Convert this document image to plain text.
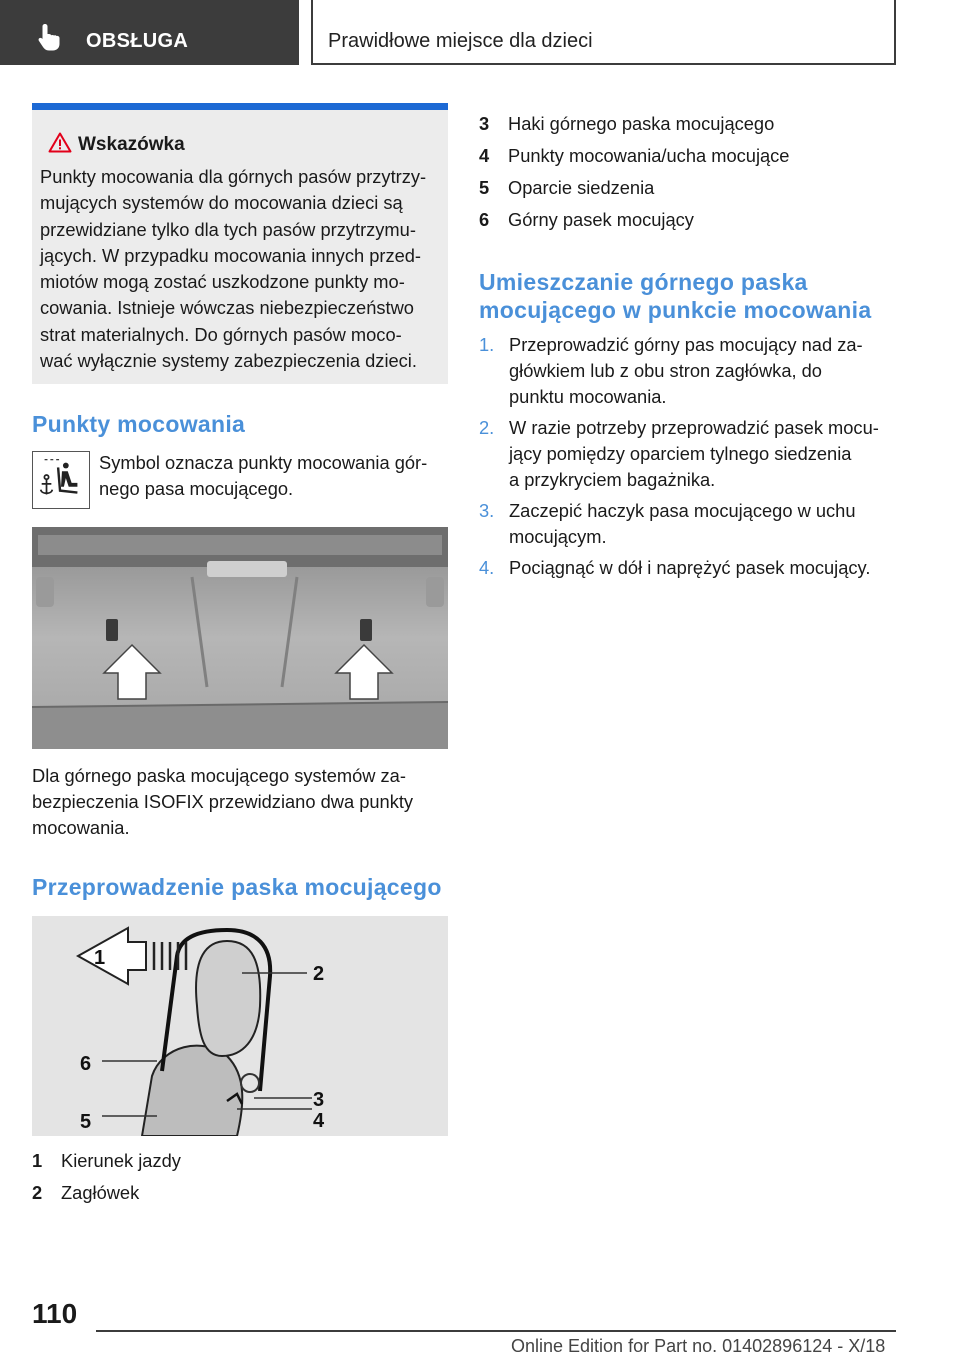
OBSŁUGA	Prawidłowe miejsce dla dzieci
Wskazówka
Punkty mocowania dla górnych pasów przytrzy-
mujących systemów do mocowania dzieci są
przewidziane tylko dla tych pasów przytrzymu-
jących. W przypadku mocowania innych przed-
miotów mogą zostać uszkodzone punkty mo-
cowania. Istnieje wówczas niebezpieczeństwo
strat materialnych. Do górnych pasów moco-
wać wyłącznie systemy zabezpieczenia dzieci.
Punkty mocowania
Symbol oznacza punkty mocowania gór-
nego pasa mocującego.
Dla górnego paska mocującego systemów za-
bezpieczenia ISOFIX przewidziano dwa punkty
mocowania.
Przeprowadzenie paska mocującego
1
2
3
4
5
6
1 Kierunek jazdy
2 Zagłówek
3 Haki górnego paska mocującego
4 Punkty mocowania/ucha mocujące
5 Oparcie siedzenia
6 Górny pasek mocujący
Umieszczanie górnego paska
mocującego w punkcie mocowania
1. Przeprowadzić górny pas mocujący nad za-
główkiem lub z obu stron zagłówka, do
punktu mocowania.
2. W razie potrzeby przeprowadzić pasek mocu-
jący pomiędzy oparciem tylnego siedzenia
a przykryciem bagażnika.
3. Zaczepić haczyk pasa mocującego w uchu
mocującym.
4. Pociągnąć w dół i naprężyć pasek mocujący.
110
Online Edition for Part no. 01402896124 - X/18
